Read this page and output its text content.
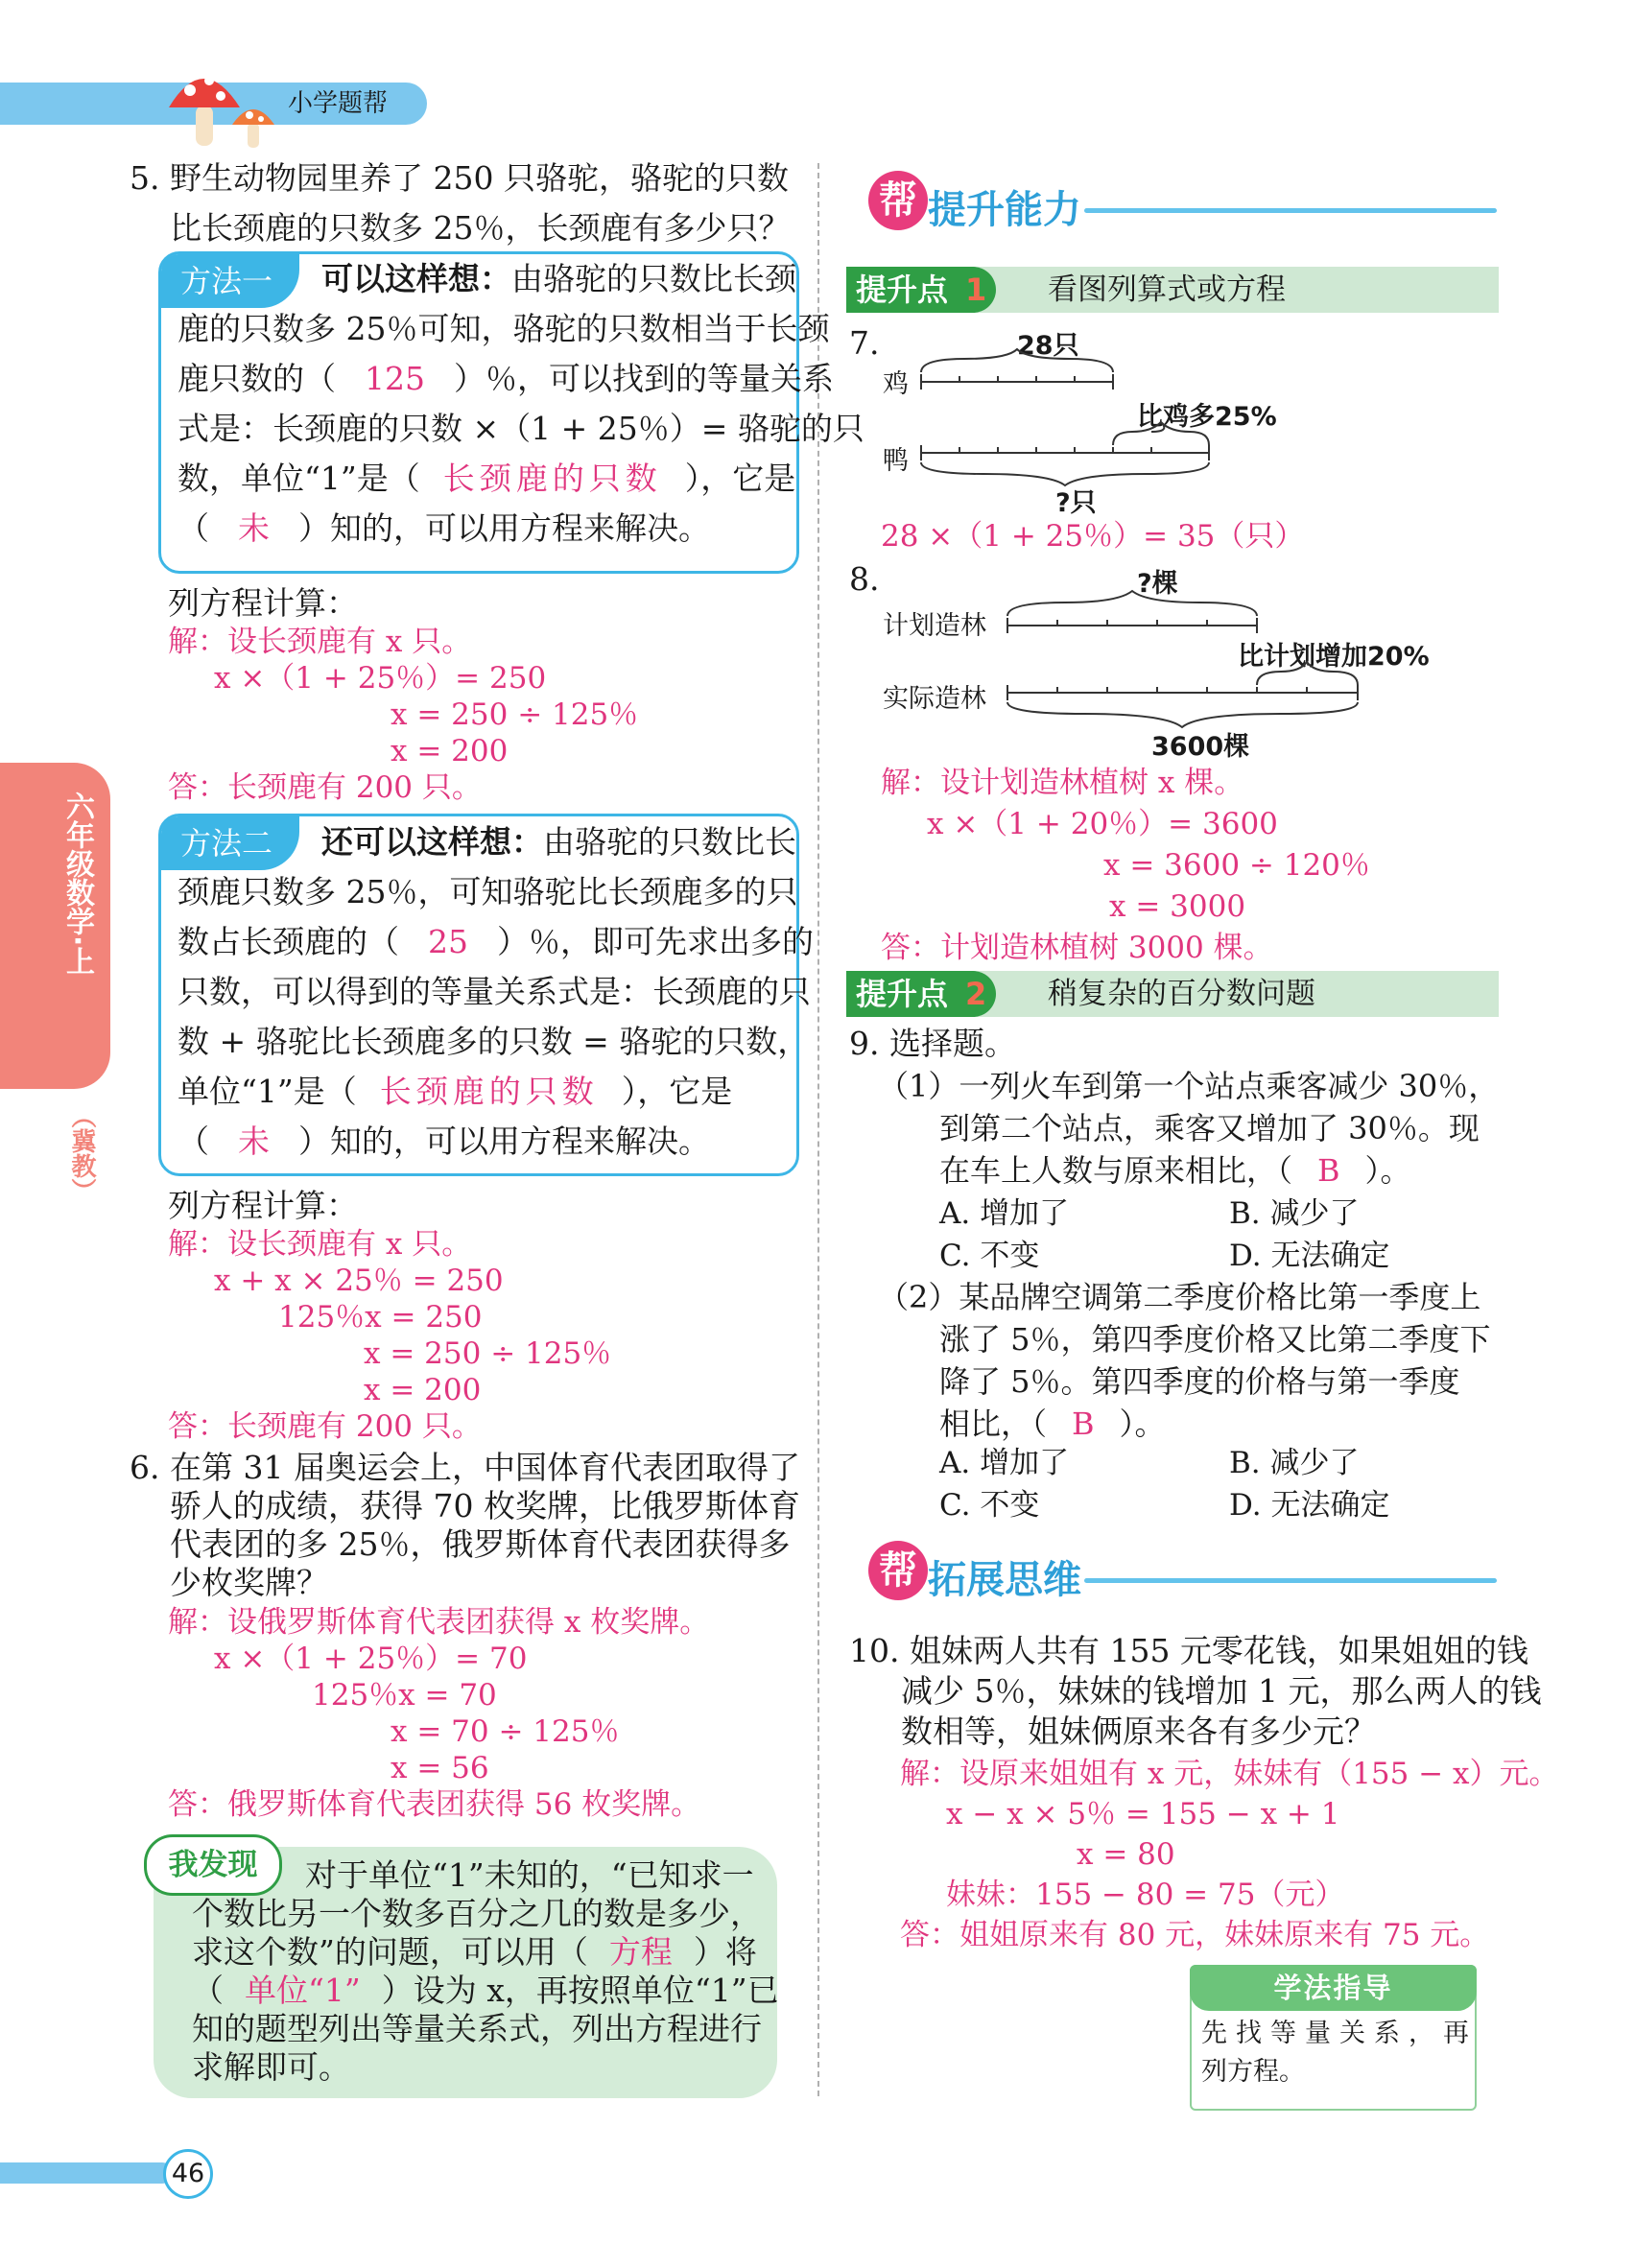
小学题帮
六年级数学·上
（冀教）
5. 野生动物园里养了 250 只骆驼，骆驼的只数
比长颈鹿的只数多 25％，长颈鹿有多少只？
方法一	可以这样想：由骆驼的只数比长颈
鹿的只数多 25％可知，骆驼的只数相当于长颈
鹿只数的（ 125 ）％，可以找到的等量关系
式是：长颈鹿的只数 ×（1 + 25％）= 骆驼的只
数，单位“1”是（ 长颈鹿的只数 ），它是
（ 未 ）知的，可以用方程来解决。
列方程计算：
解：设长颈鹿有 x 只。
x ×（1 + 25％）= 250
x = 250 ÷ 125％
x = 200
答：长颈鹿有 200 只。
方法二	还可以这样想：由骆驼的只数比长
颈鹿只数多 25％，可知骆驼比长颈鹿多的只
数占长颈鹿的（ 25 ）％，即可先求出多的
只数，可以得到的等量关系式是：长颈鹿的只
数 + 骆驼比长颈鹿多的只数 = 骆驼的只数，
单位“1”是（ 长颈鹿的只数 ），它是
（ 未 ）知的，可以用方程来解决。
列方程计算：
解：设长颈鹿有 x 只。
x + x × 25％ = 250
125％x = 250
x = 250 ÷ 125％
x = 200
答：长颈鹿有 200 只。
6. 在第 31 届奥运会上，中国体育代表团取得了
骄人的成绩，获得 70 枚奖牌，比俄罗斯体育
代表团的多 25％，俄罗斯体育代表团获得多
少枚奖牌？
解：设俄罗斯体育代表团获得 x 枚奖牌。
x ×（1 + 25％）= 70
125％x = 70
x = 70 ÷ 125％
x = 56
答：俄罗斯体育代表团获得 56 枚奖牌。
我发现	对于单位“1”未知的，“已知求一
个数比另一个数多百分之几的数是多少，
求这个数”的问题，可以用（ 方程 ）将
（ 单位“1” ）设为 x，再按照单位“1”已
知的题型列出等量关系式，列出方程进行
求解即可。
46
帮 提升能力
提升点 1	看图列算式或方程
7.	28只
鸡
鸭
比鸡多25%
?只
28 ×（1 + 25％）= 35（只）
8.	?棵
计划造林
实际造林
比计划增加20%
3600棵
解：设计划造林植树 x 棵。
x ×（1 + 20％）= 3600
x = 3600 ÷ 120％
x = 3000
答：计划造林植树 3000 棵。
提升点 2	稍复杂的百分数问题
9. 选择题。
（1）一列火车到第一个站点乘客减少 30％，
到第二个站点，乘客又增加了 30％。现
在车上人数与原来相比，（ B ）。
A. 增加了	B. 减少了
C. 不变	D. 无法确定
（2）某品牌空调第二季度价格比第一季度上
涨了 5％，第四季度价格又比第二季度下
降了 5％。第四季度的价格与第一季度
相比，（ B ）。
A. 增加了	B. 减少了
C. 不变	D. 无法确定
帮 拓展思维
10. 姐妹两人共有 155 元零花钱，如果姐姐的钱
减少 5％，妹妹的钱增加 1 元，那么两人的钱
数相等，姐妹俩原来各有多少元？
解：设原来姐姐有 x 元，妹妹有（155 − x）元。
x − x × 5％ = 155 − x + 1
x = 80
妹妹：155 − 80 = 75（元）
答：姐姐原来有 80 元，妹妹原来有 75 元。
学法指导
先找等量关系，再
列方程。
